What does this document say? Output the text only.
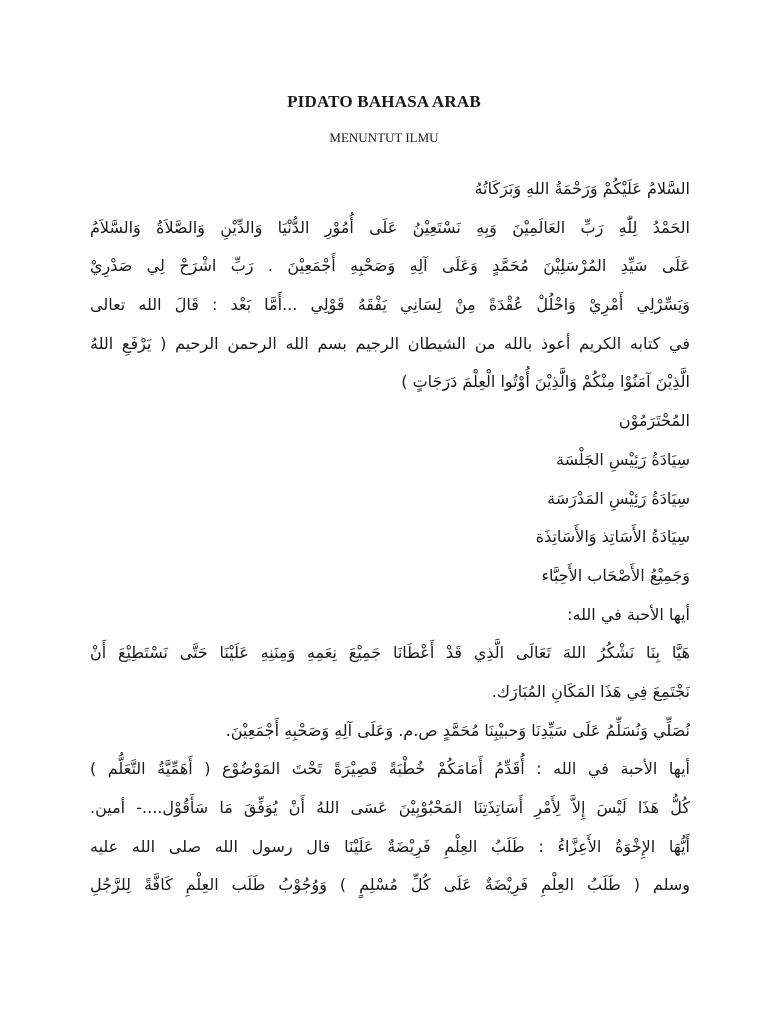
PIDATO BAHASA ARAB
MENUNTUT ILMU

السَّلامُ عَلَيْكُمْ وَرَحْمَةُ اللهِ وَبَرَكَاتُهُ

الحَمْدُ لِلّٰهِ رَبِّ العَالَمِيْنَ وَبِهِ نَسْتَعِيْنُ عَلَى أُمُوْرِ الدُّنْيَا وَالدِّيْنِ وَالصَّلاَةُ وَالسَّلاَمُ

عَلَى سَيِّدِ المُرْسَلِيْنَ مُحَمَّدٍ وَعَلَى آلِهِ وَصَحْبِهِ أَجْمَعِيْنَ . رَبِّ اشْرَحْ لِي صَدْرِيْ

وَيَسِّرْلِي أَمْرِيْ وَاحْلُلْ عُقْدَةً مِنْ لِسَانِي يَفْقَهُ قَوْلِي ...أَمَّا بَعْد : قَالَ الله تعالى

في كتابه الكريم أعوذ بالله من الشيطان الرجيم بسم الله الرحمن الرحيم ( يَرْفَعِ اللهُ

الَّذِيْنَ آمَنُوْا مِنْكُمْ وَالَّذِيْنَ أُوْتُوا الْعِلْمَ دَرَجَاتٍ )

المُحْتَرَمُوْن

سِيَادَةُ رَئِيْسِ الجَلْسَة

سِيَادَةُ رَئِيْسِ المَدْرَسَة

سِيَادَةُ الأَسَاتِذ وَالأَسَاتِذَة

وَجَمِيْعُ الأَصْحَاب الأَحِبَّاء

أيها الأحبة في الله:

هَيَّا بِنَا نَشْكُرُ اللهَ تَعَالَى الَّذِي قَدْ أَعْطَانَا جَمِيْعَ نِعَمِهِ وَمِنَنِهِ عَلَيْنَا حَتَّى نَسْتَطِيْعَ أَنْ

نَجْتَمِعَ فِي هَذَا المَكَانِ المُبَارَك.

نُصَلِّي وَنُسَلِّمُ عَلَى سَيِّدِنَا وَحبيْبِنَا مُحَمَّدٍ ص.م. وَعَلَى آلِهِ وَصَحْبِهِ أَجْمَعِيْنَ.

أيها الأحبة في الله : أُقَدِّمُ أَمَامَكُمْ خُطْبَةً قَصِيْرَةً تَحْتَ المَوْضُوْع ( أَهَمِّيَّةُ التَّعَلُّم )

كُلُّ هَذَا لَيْسَ إِلاَّ لِأَمْرِ أَسَاتِذَتِنَا المَحْبُوْبِيْنَ عَسَى اللهُ أَنْ يُوَفِّقَ مَا سَأَقُوْل....- أمين.

أَيُّهَا الإِخْوَةُ الأَعِزَّاءُ : طَلَبُ العِلْمِ فَرِيْضَةٌ عَلَيْنَا قال رسول الله صلى الله عليه

وسلم ( طَلَبُ العِلْمِ فَرِيْضَةٌ عَلَى كُلِّ مُسْلِمٍ ) وَوُجُوْبُ طَلَب العِلْمِ كَافَّةً لِلرَّجُلِ
